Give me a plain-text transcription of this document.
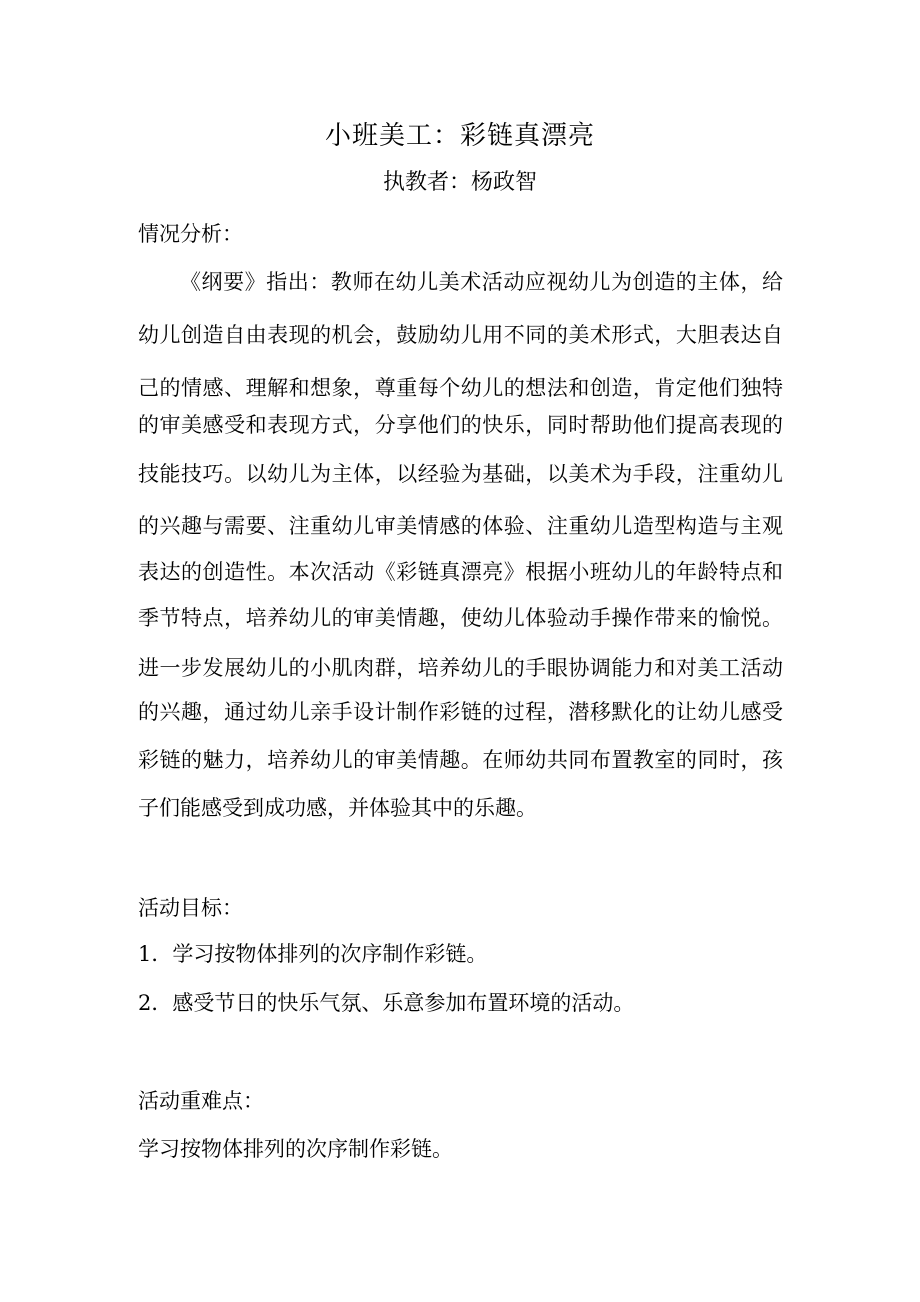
小班美工：彩链真漂亮
执教者：杨政智
情况分析：
《纲要》指出：教师在幼儿美术活动应视幼儿为创造的主体，给
幼儿创造自由表现的机会，鼓励幼儿用不同的美术形式，大胆表达自
己的情感、理解和想象，尊重每个幼儿的想法和创造，肯定他们独特
的审美感受和表现方式，分享他们的快乐，同时帮助他们提高表现的
技能技巧。以幼儿为主体，以经验为基础，以美术为手段，注重幼儿
的兴趣与需要、注重幼儿审美情感的体验、注重幼儿造型构造与主观
表达的创造性。本次活动《彩链真漂亮》根据小班幼儿的年龄特点和
季节特点，培养幼儿的审美情趣，使幼儿体验动手操作带来的愉悦。
进一步发展幼儿的小肌肉群，培养幼儿的手眼协调能力和对美工活动
的兴趣，通过幼儿亲手设计制作彩链的过程，潜移默化的让幼儿感受
彩链的魅力，培养幼儿的审美情趣。在师幼共同布置教室的同时，孩
子们能感受到成功感，并体验其中的乐趣。
活动目标：
1．学习按物体排列的次序制作彩链。
2．感受节日的快乐气氛、乐意参加布置环境的活动。
活动重难点：
学习按物体排列的次序制作彩链。
